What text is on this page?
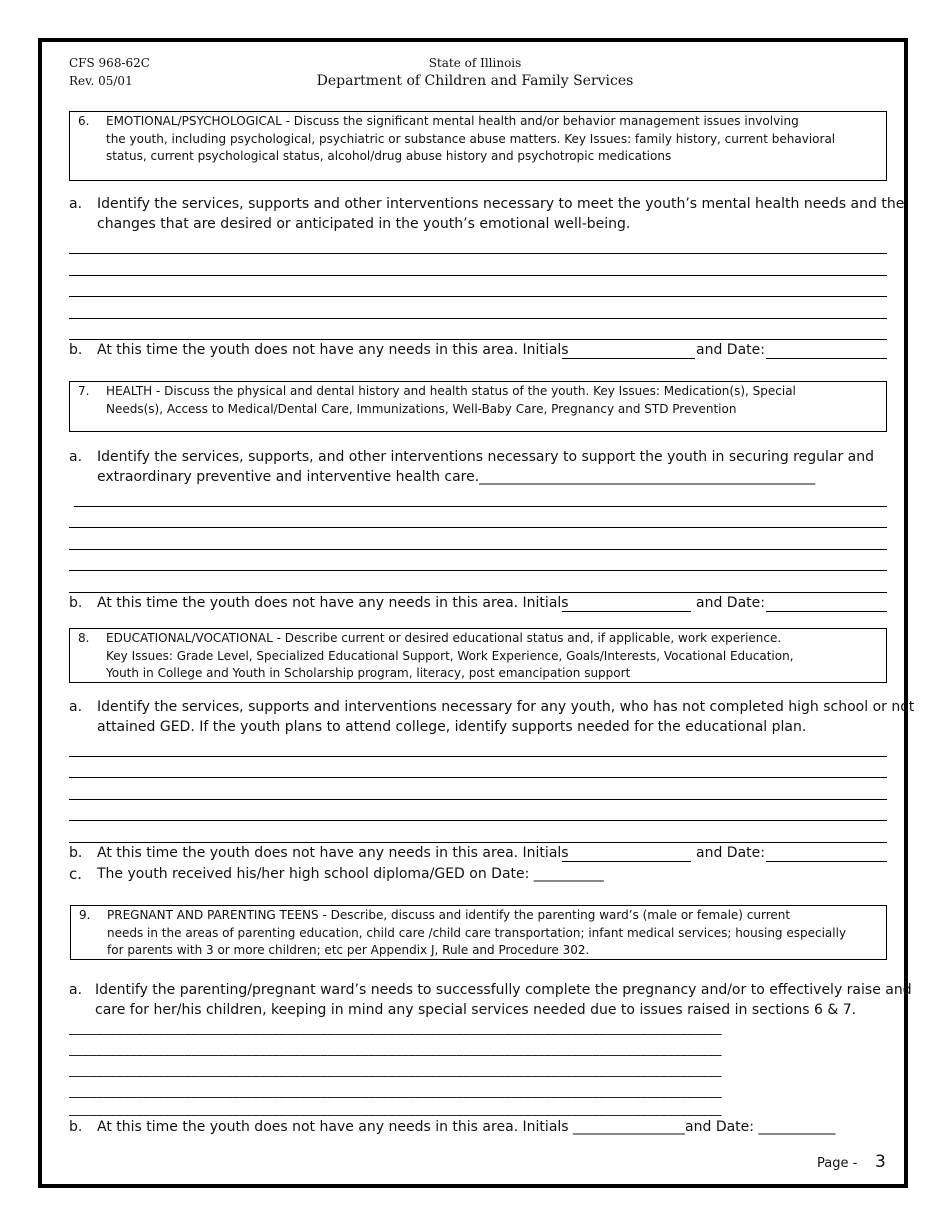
CFS 968-62C
Rev. 05/01
State of Illinois
Department of Children and Family Services
6. EMOTIONAL/PSYCHOLOGICAL - Discuss the significant mental health and/or behavior management issues involving
the youth, including psychological, psychiatric or substance abuse matters. Key Issues: family history, current behavioral
status, current psychological status, alcohol/drug abuse history and psychotropic medications
a. Identify the services, supports and other interventions necessary to meet the youth’s mental health needs and the
changes that are desired or anticipated in the youth’s emotional well-being.
b. At this time the youth does not have any needs in this area. Initials	and Date:
7. HEALTH - Discuss the physical and dental history and health status of the youth. Key Issues: Medication(s), Special
Needs(s), Access to Medical/Dental Care, Immunizations, Well-Baby Care, Pregnancy and STD Prevention
a. Identify the services, supports, and other interventions necessary to support the youth in securing regular and
extraordinary preventive and interventive health care.________________________________________________
b. At this time the youth does not have any needs in this area. Initials	and Date:
8. EDUCATIONAL/VOCATIONAL - Describe current or desired educational status and, if applicable, work experience.
Key Issues: Grade Level, Specialized Educational Support, Work Experience, Goals/Interests, Vocational Education,
Youth in College and Youth in Scholarship program, literacy, post emancipation support
a. Identify the services, supports and interventions necessary for any youth, who has not completed high school or not
attained GED. If the youth plans to attend college, identify supports needed for the educational plan.
b. At this time the youth does not have any needs in this area. Initials	and Date:
c. The youth received his/her high school diploma/GED on Date: __________
9. PREGNANT AND PARENTING TEENS - Describe, discuss and identify the parenting ward’s (male or female) current
needs in the areas of parenting education, child care /child care transportation; infant medical services; housing especially
for parents with 3 or more children; etc per Appendix J, Rule and Procedure 302.
a. Identify the parenting/pregnant ward’s needs to successfully complete the pregnancy and/or to effectively raise and
care for her/his children, keeping in mind any special services needed due to issues raised in sections 6 & 7.
________________________________________________________________________________________________
________________________________________________________________________________________________
________________________________________________________________________________________________
________________________________________________________________________________________________
________________________________________________________________________________________________
b. At this time the youth does not have any needs in this area. Initials ________________and Date: ___________
Page - 3
